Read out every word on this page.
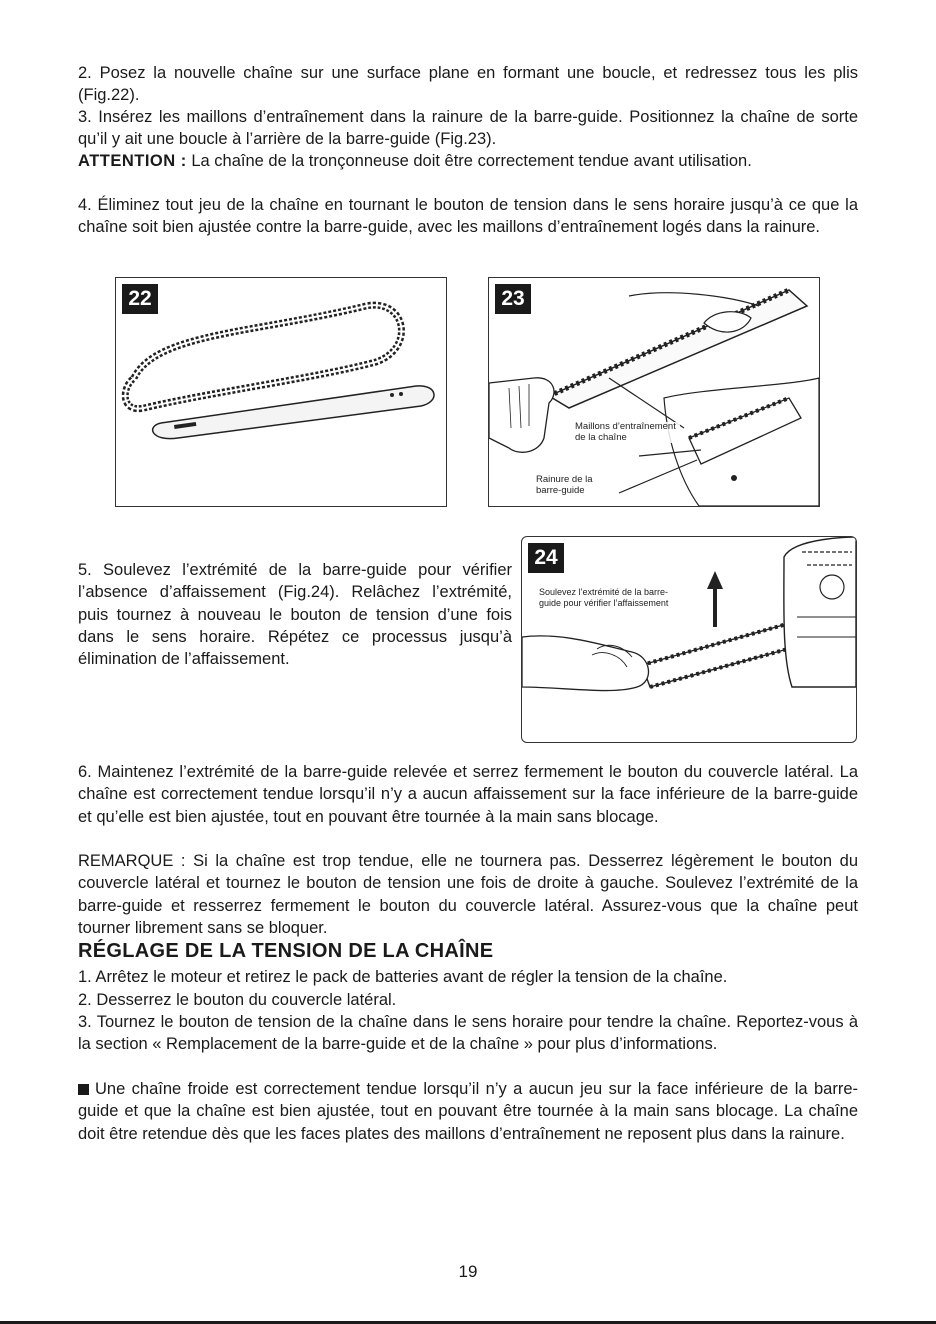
2. Posez la nouvelle chaîne sur une surface plane en formant une boucle, et redressez tous les plis (Fig.22).

3. Insérez les maillons d’entraînement dans la rainure de la barre-guide. Positionnez la chaîne de sorte qu’il y ait une boucle à l’arrière de la barre-guide (Fig.23).

ATTENTION : La chaîne de la tronçonneuse doit être correctement tendue avant utilisation.

4. Éliminez tout jeu de la chaîne en tournant le bouton de tension dans le sens horaire jusqu’à ce que la chaîne soit bien ajustée contre la barre-guide, avec les maillons d’entraînement logés dans la rainure.

22	23
Maillons d’entraînement de la chaîne
Rainure de la barre-guide

5. Soulevez l’extrémité de la barre-guide pour vérifier l’absence d’affaissement (Fig.24). Relâchez l’extrémité, puis tournez à nouveau le bouton de tension d’une fois dans le sens horaire. Répétez ce processus jusqu’à élimination de l’affaissement.

24
Soulevez l’extrémité de la barre-guide pour vérifier l’affaissement

6. Maintenez l’extrémité de la barre-guide relevée et serrez fermement le bouton du couvercle latéral. La chaîne est correctement tendue lorsqu’il n’y a aucun affaissement sur la face inférieure de la barre-guide et qu’elle est bien ajustée, tout en pouvant être tournée à la main sans blocage.

REMARQUE : Si la chaîne est trop tendue, elle ne tournera pas. Desserrez légèrement le bouton du couvercle latéral et tournez le bouton de tension une fois de droite à gauche. Soulevez l’extrémité de la barre-guide et resserrez fermement le bouton du couvercle latéral. Assurez-vous que la chaîne peut tourner librement sans se bloquer.

RÉGLAGE DE LA TENSION DE LA CHAÎNE

1. Arrêtez le moteur et retirez le pack de batteries avant de régler la tension de la chaîne.

2. Desserrez le bouton du couvercle latéral.

3. Tournez le bouton de tension de la chaîne dans le sens horaire pour tendre la chaîne. Reportez-vous à la section « Remplacement de la barre-guide et de la chaîne » pour plus d’informations.

Une chaîne froide est correctement tendue lorsqu’il n’y a aucun jeu sur la face inférieure de la barre-guide et que la chaîne est bien ajustée, tout en pouvant être tournée à la main sans blocage. La chaîne doit être retendue dès que les faces plates des maillons d’entraînement ne reposent plus dans la rainure.

19
